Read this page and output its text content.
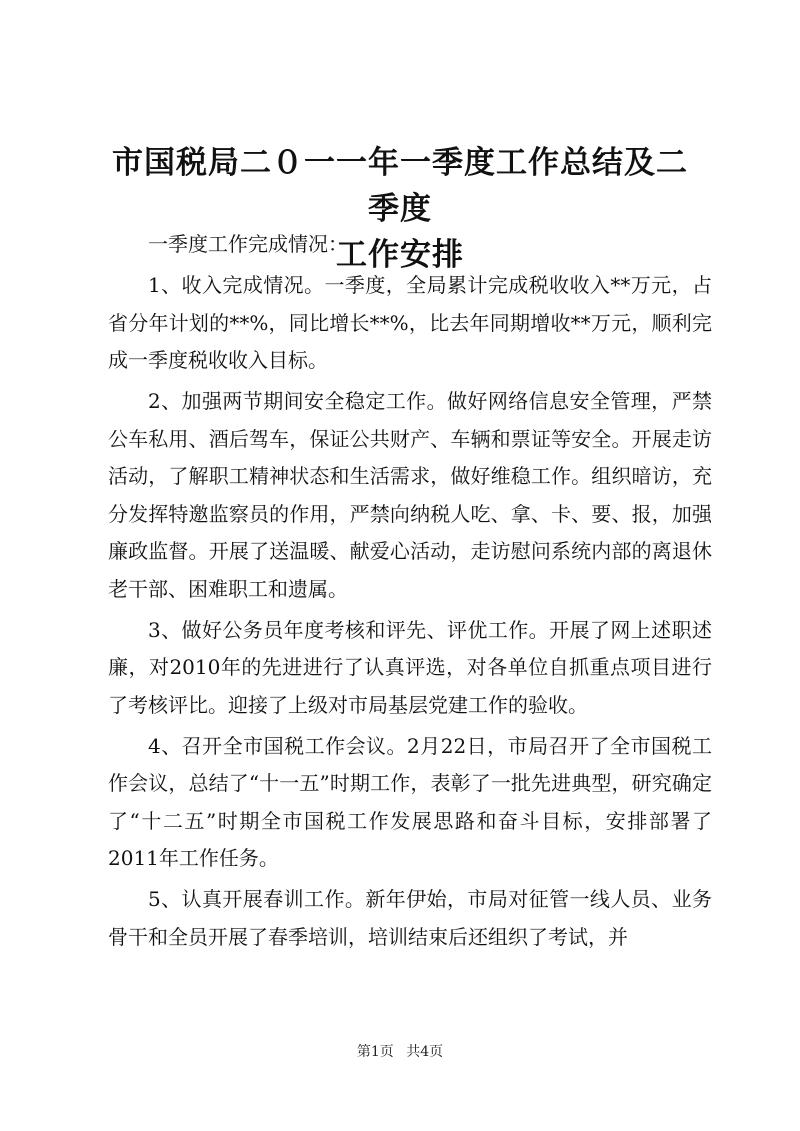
市国税局二０一一年一季度工作总结及二季度
工作安排

一季度工作完成情况：

1、收入完成情况。一季度，全局累计完成税收收入**万元，占省分年计划的**%，同比增长**%，比去年同期增收**万元，顺利完成一季度税收收入目标。

2、加强两节期间安全稳定工作。做好网络信息安全管理，严禁公车私用、酒后驾车，保证公共财产、车辆和票证等安全。开展走访活动，了解职工精神状态和生活需求，做好维稳工作。组织暗访，充分发挥特邀监察员的作用，严禁向纳税人吃、拿、卡、要、报，加强廉政监督。开展了送温暖、献爱心活动，走访慰问系统内部的离退休老干部、困难职工和遗属。

3、做好公务员年度考核和评先、评优工作。开展了网上述职述廉，对2010年的先进进行了认真评选，对各单位自抓重点项目进行了考核评比。迎接了上级对市局基层党建工作的验收。

4、召开全市国税工作会议。2月22日，市局召开了全市国税工作会议，总结了“十一五”时期工作，表彰了一批先进典型，研究确定了“十二五”时期全市国税工作发展思路和奋斗目标，安排部署了2011年工作任务。

5、认真开展春训工作。新年伊始，市局对征管一线人员、业务骨干和全员开展了春季培训，培训结束后还组织了考试，并

第1页 共4页
